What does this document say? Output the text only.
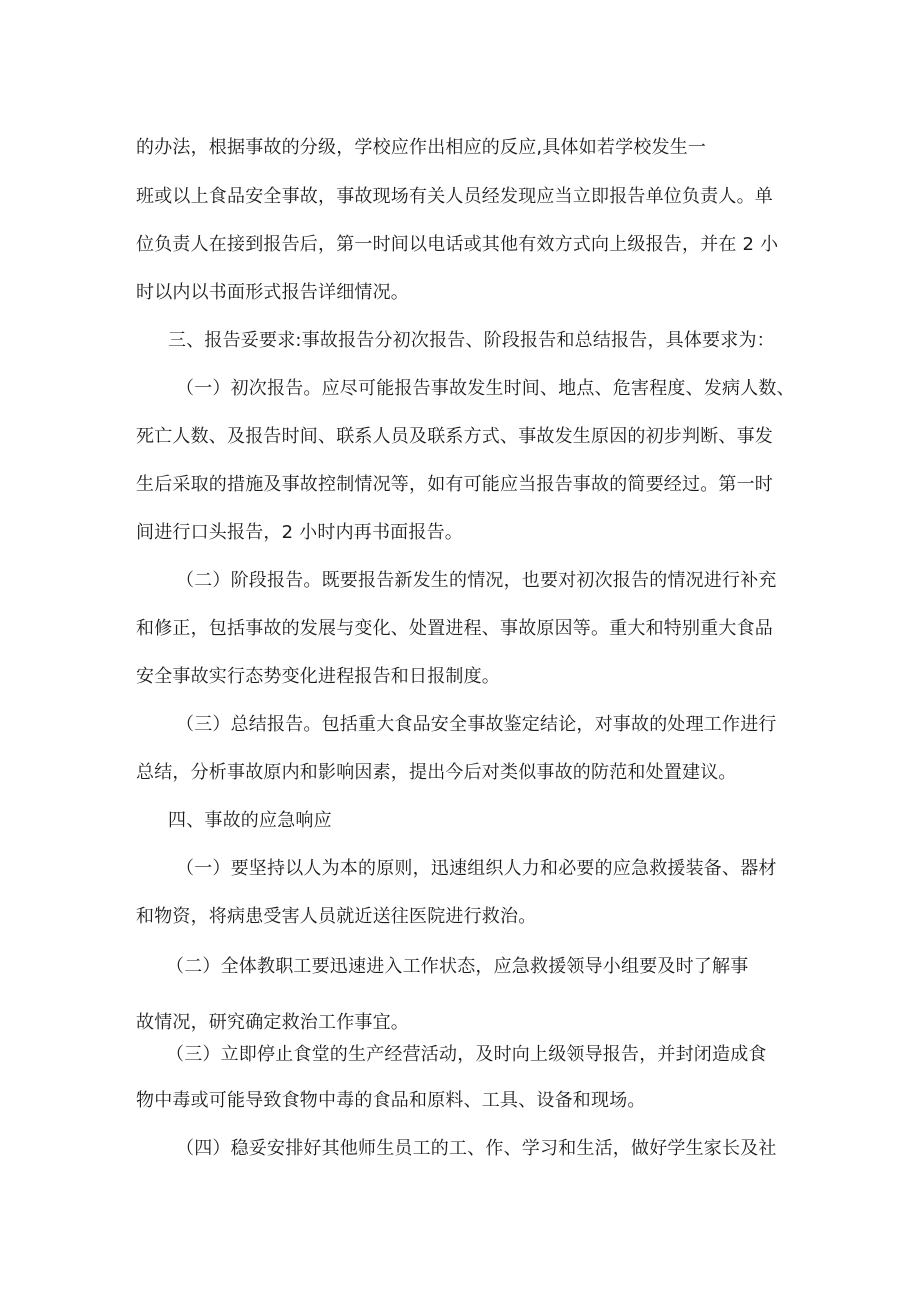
的办法，根据事故的分级，学校应作出相应的反应,具体如若学校发生一
班或以上食品安全事故，事故现场有关人员经发现应当立即报告单位负责人。单
位负责人在接到报告后，第一时间以电话或其他有效方式向上级报告，并在 2 小
时以内以书面形式报告详细情况。
三、报告妥要求:事故报告分初次报告、阶段报告和总结报告，具体要求为：
（一）初次报告。应尽可能报告事故发生时间、地点、危害程度、发病人数、
死亡人数、及报告时间、联系人员及联系方式、事故发生原因的初步判断、事发
生后采取的措施及事故控制情况等，如有可能应当报告事故的简要经过。第一时
间进行口头报告，2 小时内再书面报告。
（二）阶段报告。既要报告新发生的情况，也要对初次报告的情况进行补充
和修正，包括事故的发展与变化、处置进程、事故原因等。重大和特别重大食品
安全事故实行态势变化进程报告和日报制度。
（三）总结报告。包括重大食品安全事故鉴定结论，对事故的处理工作进行
总结，分析事故原内和影响因素，提出今后对类似事故的防范和处置建议。
四、事故的应急响应
（一）要坚持以人为本的原则，迅速组织人力和必要的应急救援装备、器材
和物资，将病患受害人员就近送往医院进行救治。
（二）全体教职工要迅速进入工作状态，应急救援领导小组要及时了解事
故情况，研究确定救治工作事宜。
（三）立即停止食堂的生产经营活动，及时向上级领导报告，并封闭造成食
物中毒或可能导致食物中毒的食品和原料、工具、设备和现场。
（四）稳妥安排好其他师生员工的工、作、学习和生活，做好学生家长及社
